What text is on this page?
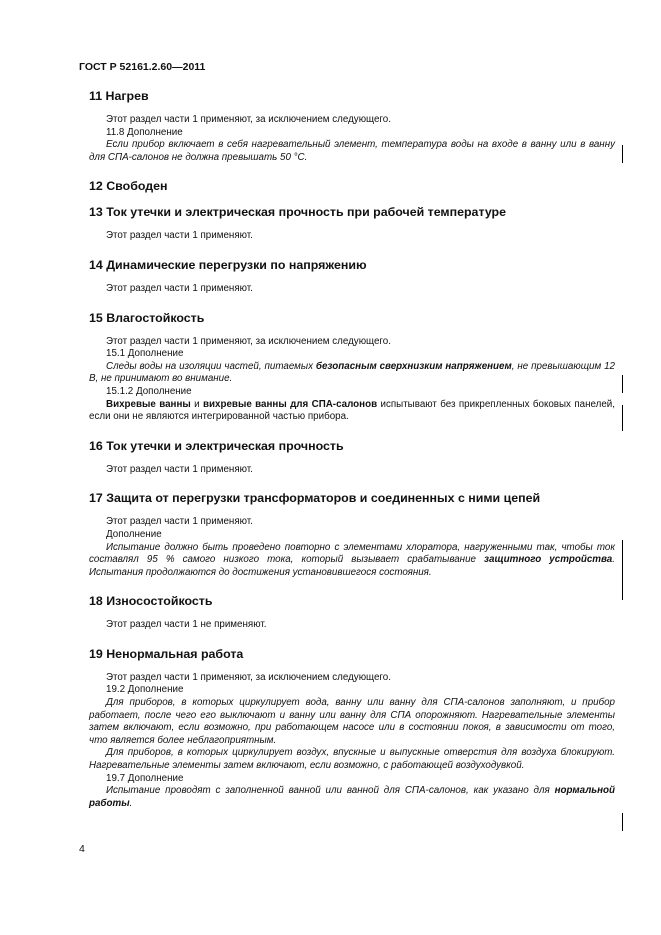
ГОСТ Р 52161.2.60—2011
11 Нагрев

Этот раздел части 1 применяют, за исключением следующего.

11.8 Дополнение

Если прибор включает в себя нагревательный элемент, температура воды на входе в ванну или в ванну для СПА-салонов не должна превышать 50 °С.

12 Свободен
13 Ток утечки и электрическая прочность при рабочей температуре

Этот раздел части 1 применяют.

14 Динамические перегрузки по напряжению

Этот раздел части 1 применяют.

15 Влагостойкость

Этот раздел части 1 применяют, за исключением следующего.

15.1 Дополнение

Следы воды на изоляции частей, питаемых безопасным сверхнизким напряжением, не превышающим 12 В, не принимают во внимание.

15.1.2 Дополнение

Вихревые ванны и вихревые ванны для СПА-салонов испытывают без прикрепленных боковых панелей, если они не являются интегрированной частью прибора.

16 Ток утечки и электрическая прочность

Этот раздел части 1 применяют.

17 Защита от перегрузки трансформаторов и соединенных с ними цепей

Этот раздел части 1 применяют.

Дополнение

Испытание должно быть проведено повторно с элементами хлоратора, нагруженными так, чтобы ток составлял 95 % самого низкого тока, который вызывает срабатывание защитного устройства. Испытания продолжаются до достижения установившегося состояния.

18 Износостойкость

Этот раздел части 1 не применяют.

19 Ненормальная работа

Этот раздел части 1 применяют, за исключением следующего.

19.2 Дополнение

Для приборов, в которых циркулирует вода, ванну или ванну для СПА-салонов заполняют, и прибор работает, после чего его выключают и ванну или ванну для СПА опорожняют. Нагревательные элементы затем включают, если возможно, при работающем насосе или в состоянии покоя, в зависимости от того, что является более неблагоприятным.

Для приборов, в которых циркулирует воздух, впускные и выпускные отверстия для воздуха блокируют. Нагревательные элементы затем включают, если возможно, с работающей воздуходувкой.

19.7 Дополнение

Испытание проводят с заполненной ванной или ванной для СПА-салонов, как указано для нормальной работы.

4
